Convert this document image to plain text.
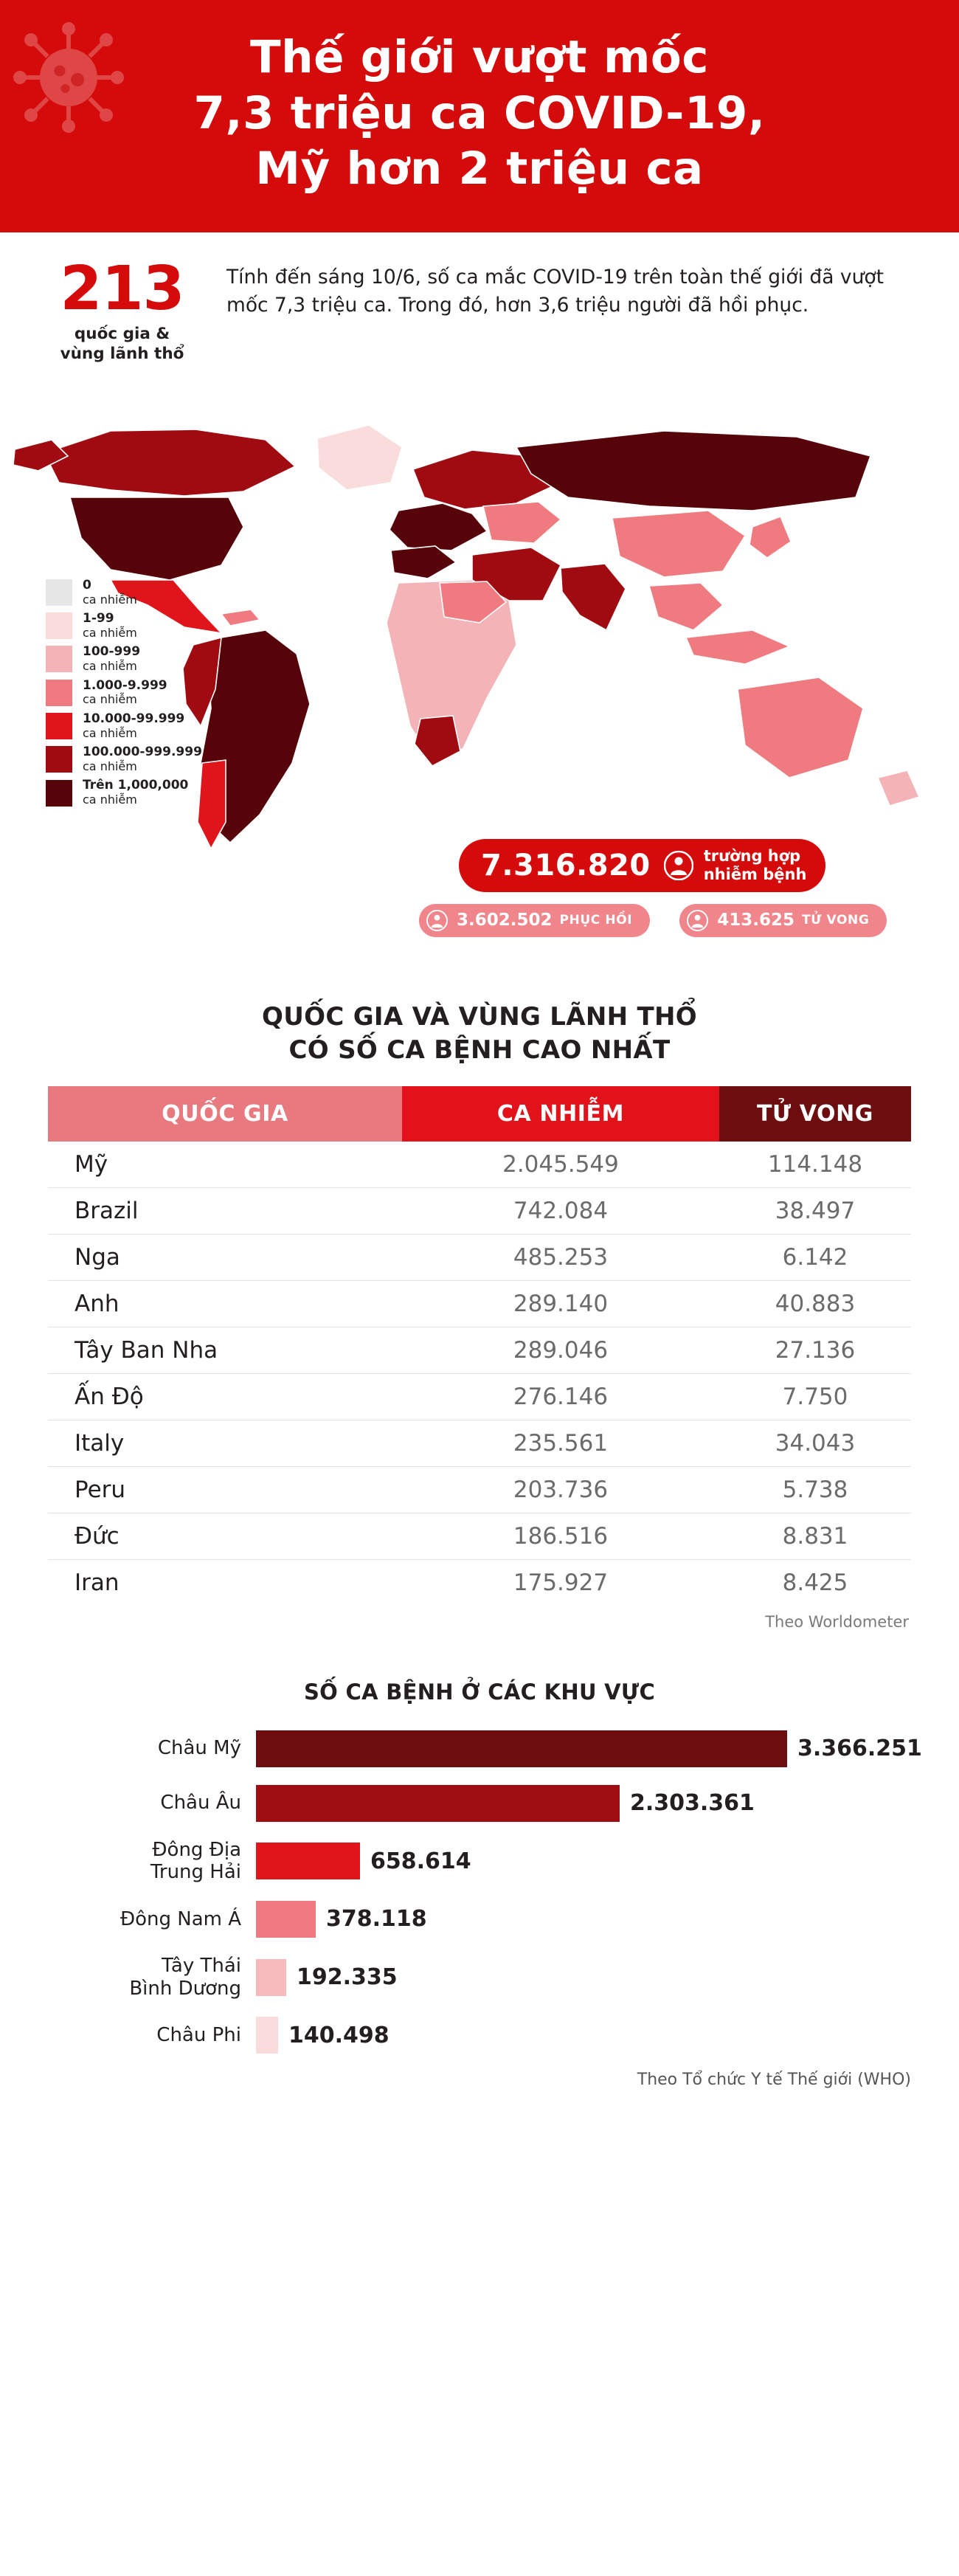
Thế giới vượt mốc
7,3 triệu ca COVID-19,
Mỹ hơn 2 triệu ca
213
quốc gia &
vùng lãnh thổ
Tính đến sáng 10/6, số ca mắc COVID-19 trên toàn thế giới đã vượt mốc 7,3 triệu ca. Trong đó, hơn 3,6 triệu người đã hồi phục.
0
ca nhiễm
1-99
ca nhiễm
100-999
ca nhiễm
1.000-9.999
ca nhiễm
10.000-99.999
ca nhiễm
100.000-999.999
ca nhiễm
Trên 1,000,000
ca nhiễm
7.316.820	trường hợp
nhiễm bệnh
3.602.502 PHỤC HỒI	413.625 TỬ VONG
QUỐC GIA VÀ VÙNG LÃNH THỔ
CÓ SỐ CA BỆNH CAO NHẤT
QUỐC GIA	CA NHIỄM	TỬ VONG
Mỹ	2.045.549	114.148
Brazil	742.084	38.497
Nga	485.253	6.142
Anh	289.140	40.883
Tây Ban Nha	289.046	27.136
Ấn Độ	276.146	7.750
Italy	235.561	34.043
Peru	203.736	5.738
Đức	186.516	8.831
Iran	175.927	8.425
Theo Worldometer
SỐ CA BỆNH Ở CÁC KHU VỰC
Châu Mỹ	3.366.251
Châu Âu	2.303.361
Đông Địa
Trung Hải	658.614
Đông Nam Á	378.118
Tây Thái
Bình Dương	192.335
Châu Phi 140.498
Theo Tổ chức Y tế Thế giới (WHO)
